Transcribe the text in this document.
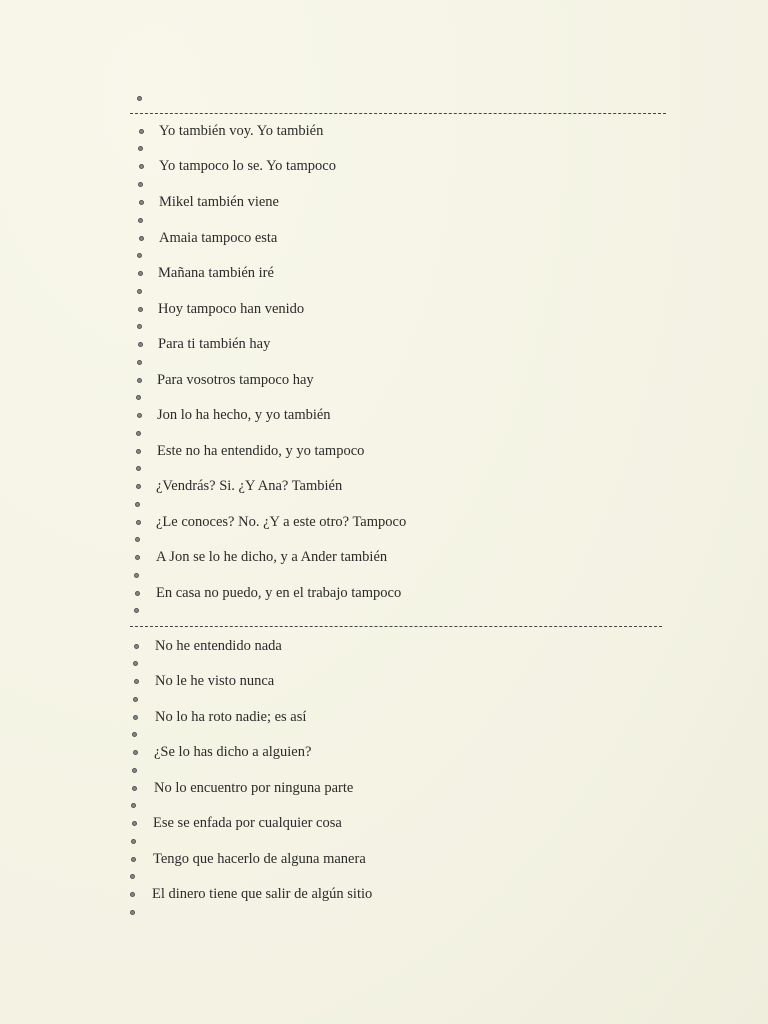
Yo también voy. Yo también
Yo tampoco lo se. Yo tampoco
Mikel también viene
Amaia tampoco esta
Mañana también iré
Hoy tampoco han venido
Para ti también hay
Para vosotros tampoco hay
Jon lo ha hecho, y yo también
Este no ha entendido, y yo tampoco
¿Vendrás? Si. ¿Y Ana? También
¿Le conoces? No. ¿Y a este otro? Tampoco
A Jon se lo he dicho, y a Ander también
En casa no puedo, y en el trabajo tampoco
No he entendido nada
No le he visto nunca
No lo ha roto nadie; es así
¿Se lo has dicho a alguien?
No lo encuentro por ninguna parte
Ese se enfada por cualquier cosa
Tengo que hacerlo de alguna manera
El dinero tiene que salir de algún sitio
